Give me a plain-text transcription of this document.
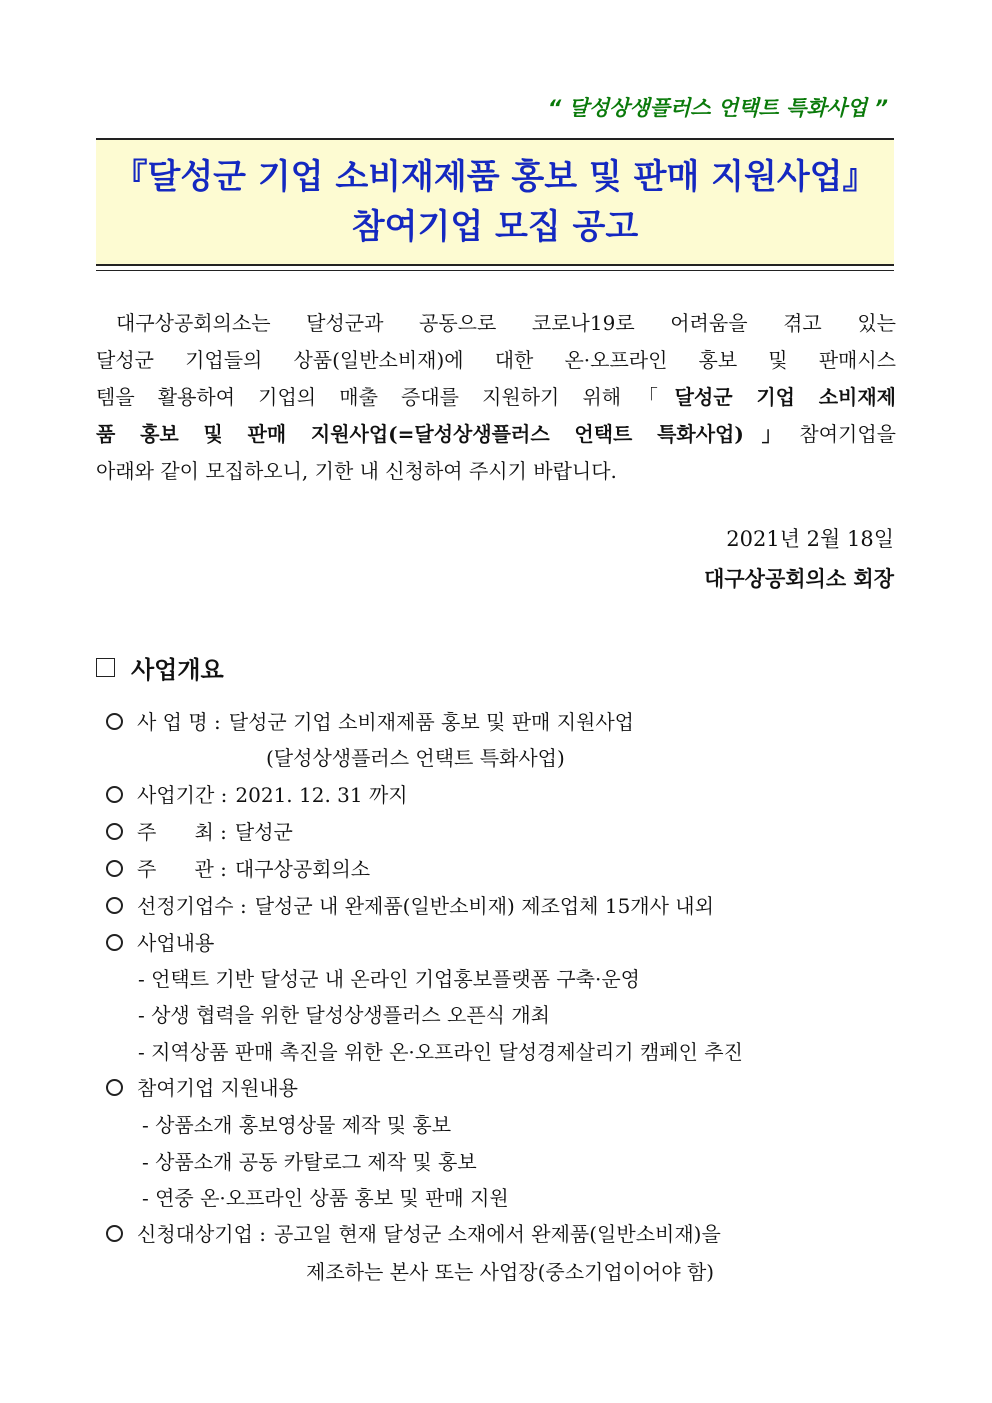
“ 달성상생플러스 언택트 특화사업 ”
『달성군 기업 소비재제품 홍보 및 판매 지원사업』
참여기업 모집 공고

대구상공회의소는 달성군과 공동으로 코로나19로 어려움을 겪고 있는

달성군 기업들의 상품(일반소비재)에 대한 온·오프라인 홍보 및 판매시스

템을 활용하여 기업의 매출 증대를 지원하기 위해「달성군 기업 소비재제

품 홍보 및 판매 지원사업(=달성상생플러스 언택트 특화사업)」참여기업을

아래와 같이 모집하오니, 기한 내 신청하여 주시기 바랍니다.

2021년 2월 18일
대구상공회의소 회장
사업개요
사 업 명 : 달성군 기업 소비재제품 홍보 및 판매 지원사업
(달성상생플러스 언택트 특화사업)
사업기간 : 2021. 12. 31 까지
주      최 : 달성군
주      관 : 대구상공회의소
선정기업수 : 달성군 내 완제품(일반소비재) 제조업체 15개사 내외
사업내용
- 언택트 기반 달성군 내 온라인 기업홍보플랫폼 구축·운영
- 상생 협력을 위한 달성상생플러스 오픈식 개최
- 지역상품 판매 촉진을 위한 온·오프라인 달성경제살리기 캠페인 추진
참여기업 지원내용
- 상품소개 홍보영상물 제작 및 홍보
- 상품소개 공동 카탈로그 제작 및 홍보
- 연중 온·오프라인 상품 홍보 및 판매 지원
신청대상기업 : 공고일 현재 달성군 소재에서 완제품(일반소비재)을
제조하는 본사 또는 사업장(중소기업이어야 함)
